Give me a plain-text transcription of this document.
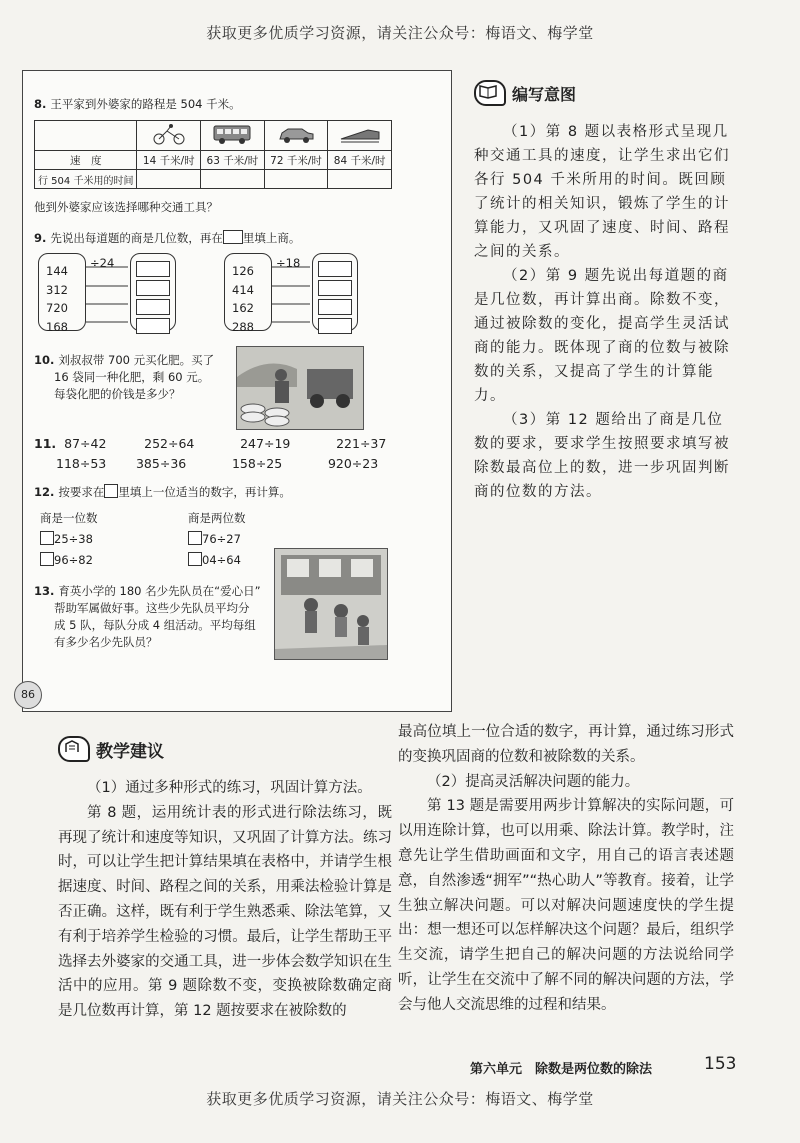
获取更多优质学习资源，请关注公众号：梅语文、梅学堂
8. 王平家到外婆家的路程是 504 千米。

速　度	14 千米/时	63 千米/时	72 千米/时	84 千米/时
行 504 千米用的时间				
他到外婆家应该选择哪种交通工具？
9. 先说出每道题的商是几位数，再在 里填上商。
÷24
144
312
720
168
÷18
126
414
162
288
10. 刘叔叔带 700 元买化肥。买了
16 袋同一种化肥，剩 60 元。
每袋化肥的价钱是多少？
11. 87÷42	252÷64	247÷19	221÷37
118÷53 385÷36	158÷25	920÷23
12. 按要求在 里填上一位适当的数字，再计算。
商是一位数
25÷38
96÷82
商是两位数
76÷27
04÷64
13. 育英小学的 180 名少先队员在“爱心日”
帮助军属做好事。这些少先队员平均分
成 5 队，每队分成 4 组活动。平均每组
有多少名少先队员？
86
编写意图

（1）第 8 题以表格形式呈现几种交通工具的速度，让学生求出它们各行 504 千米所用的时间。既回顾了统计的相关知识，锻炼了学生的计算能力，又巩固了速度、时间、路程之间的关系。

（2）第 9 题先说出每道题的商是几位数，再计算出商。除数不变，通过被除数的变化，提高学生灵活试商的能力。既体现了商的位数与被除数的关系，又提高了学生的计算能力。

（3）第 12 题给出了商是几位数的要求，要求学生按照要求填写被除数最高位上的数，进一步巩固判断商的位数的方法。

教学建议

（1）通过多种形式的练习，巩固计算方法。

第 8 题，运用统计表的形式进行除法练习，既再现了统计和速度等知识，又巩固了计算方法。练习时，可以让学生把计算结果填在表格中，并请学生根据速度、时间、路程之间的关系，用乘法检验计算是否正确。这样，既有利于学生熟悉乘、除法笔算，又有利于培养学生检验的习惯。最后，让学生帮助王平选择去外婆家的交通工具，进一步体会数学知识在生活中的应用。第 9 题除数不变，变换被除数确定商是几位数再计算，第 12 题按要求在被除数的

最高位填上一位合适的数字，再计算，通过练习形式的变换巩固商的位数和被除数的关系。

（2）提高灵活解决问题的能力。

第 13 题是需要用两步计算解决的实际问题，可以用连除计算，也可以用乘、除法计算。教学时，注意先让学生借助画面和文字，用自己的语言表述题意，自然渗透“拥军”“热心助人”等教育。接着，让学生独立解决问题。可以对解决问题速度快的学生提出：想一想还可以怎样解决这个问题？最后，组织学生交流，请学生把自己的解决问题的方法说给同学听，让学生在交流中了解不同的解决问题的方法，学会与他人交流思维的过程和结果。

第六单元　除数是两位数的除法	153
获取更多优质学习资源，请关注公众号：梅语文、梅学堂
